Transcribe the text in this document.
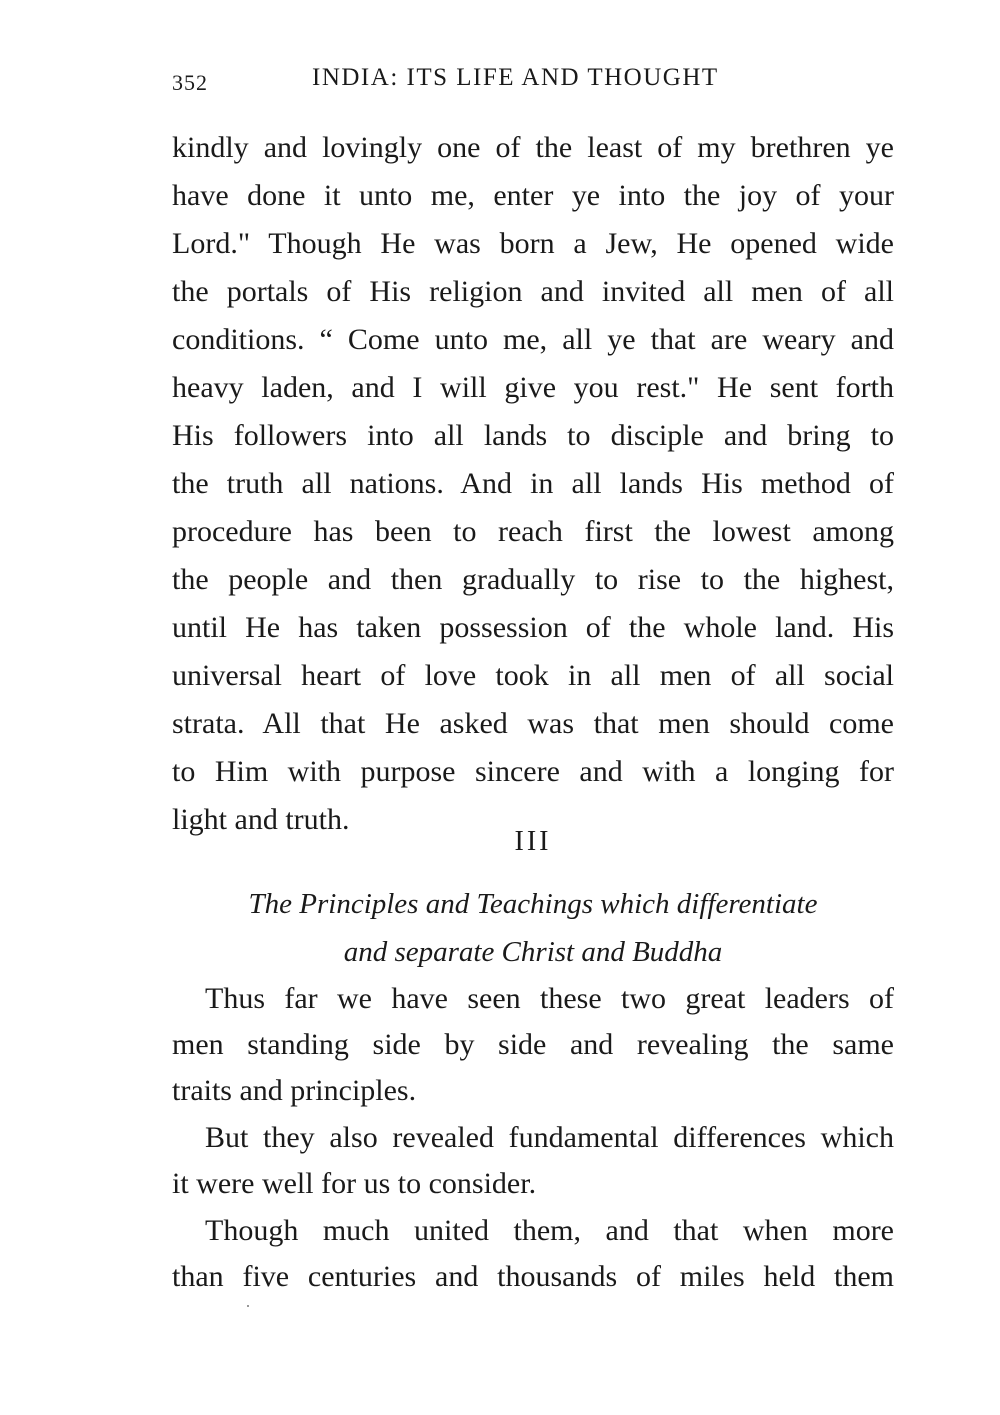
352	INDIA: ITS LIFE AND THOUGHT
kindly and lovingly one of the least of my brethren ye
have done it unto me, enter ye into the joy of your
Lord." Though He was born a Jew, He opened wide
the portals of His religion and invited all men of all
conditions. “ Come unto me, all ye that are weary and
heavy laden, and I will give you rest." He sent forth
His followers into all lands to disciple and bring to
the truth all nations. And in all lands His method of
procedure has been to reach first the lowest among
the people and then gradually to rise to the highest,
until He has taken possession of the whole land. His
universal heart of love took in all men of all social
strata. All that He asked was that men should come
to Him with purpose sincere and with a longing for
light and truth.
III
The Principles and Teachings which differentiate
and separate Christ and Buddha
Thus far we have seen these two great leaders of
men standing side by side and revealing the same
traits and principles.
But they also revealed fundamental differences which
it were well for us to consider.
Though much united them, and that when more
than five centuries and thousands of miles held them
